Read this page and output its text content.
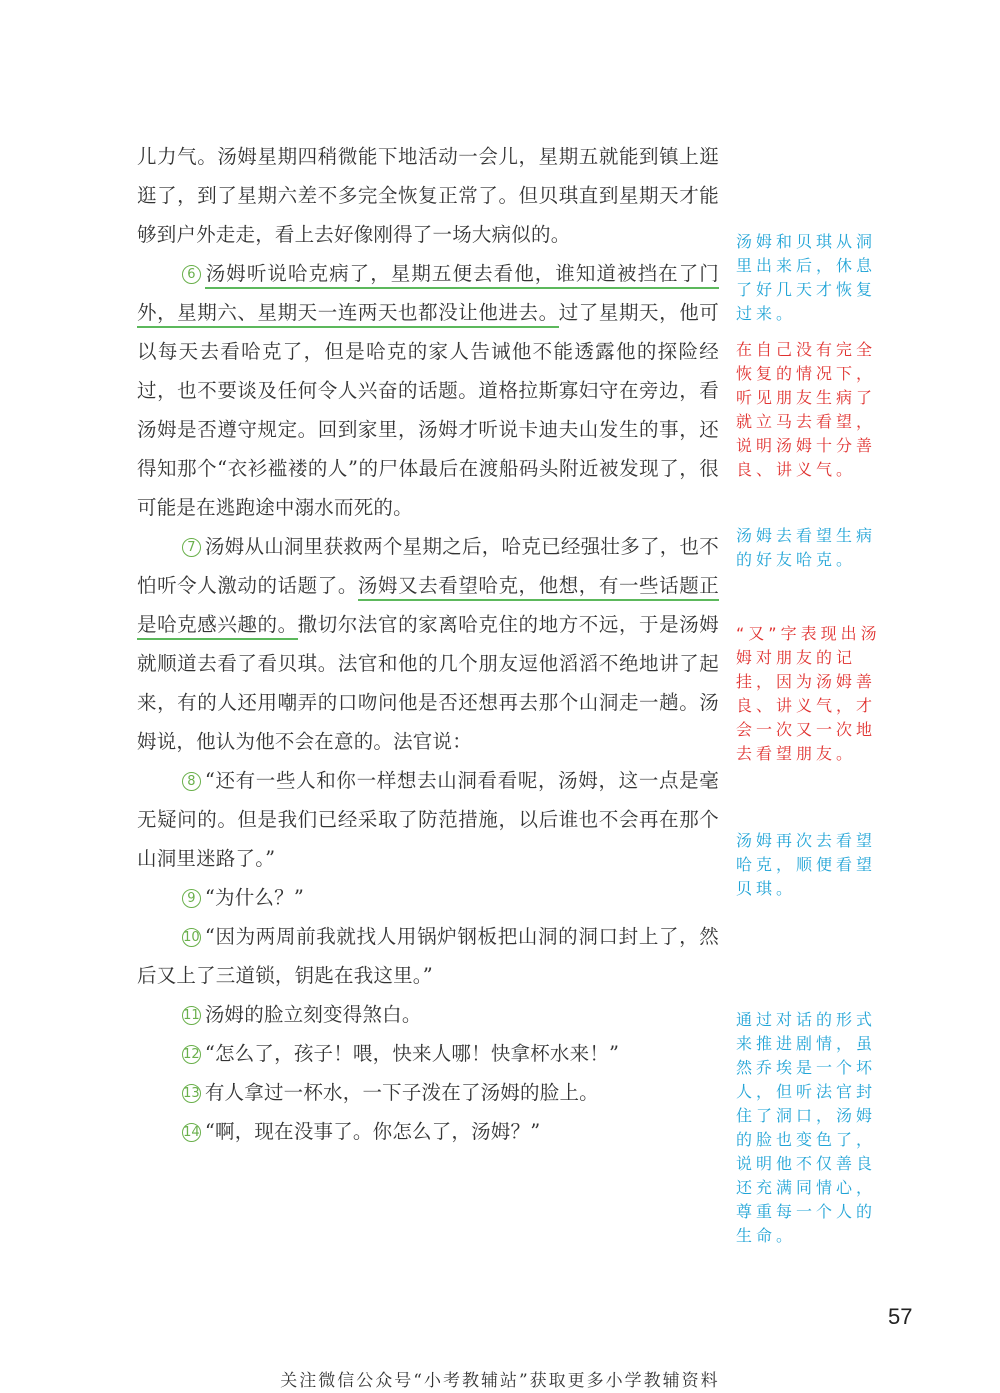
儿力气。汤姆星期四稍微能下地活动一会儿，星期五就能到镇上逛逛了，到了星期六差不多完全恢复正常了。但贝琪直到星期天才能够到户外走走，看上去好像刚得了一场大病似的。

6 汤姆听说哈克病了，星期五便去看他，谁知道被挡在了门外，星期六、星期天一连两天也都没让他进去。过了星期天，他可以每天去看哈克了，但是哈克的家人告诫他不能透露他的探险经过，也不要谈及任何令人兴奋的话题。道格拉斯寡妇守在旁边，看汤姆是否遵守规定。回到家里，汤姆才听说卡迪夫山发生的事，还得知那个“衣衫褴褛的人”的尸体最后在渡船码头附近被发现了，很可能是在逃跑途中溺水而死的。

7 汤姆从山洞里获救两个星期之后，哈克已经强壮多了，也不怕听令人激动的话题了。汤姆又去看望哈克，他想，有一些话题正是哈克感兴趣的。撒切尔法官的家离哈克住的地方不远，于是汤姆就顺道去看了看贝琪。法官和他的几个朋友逗他滔滔不绝地讲了起来，有的人还用嘲弄的口吻问他是否还想再去那个山洞走一趟。汤姆说，他认为他不会在意的。法官说：

8 “还有一些人和你一样想去山洞看看呢，汤姆，这一点是毫无疑问的。但是我们已经采取了防范措施，以后谁也不会再在那个山洞里迷路了。”

9 “为什么？”

10 “因为两周前我就找人用锅炉钢板把山洞的洞口封上了，然后又上了三道锁，钥匙在我这里。”

11 汤姆的脸立刻变得煞白。

12 “怎么了，孩子！喂，快来人哪！快拿杯水来！”

13 有人拿过一杯水，一下子泼在了汤姆的脸上。

14 “啊，现在没事了。你怎么了，汤姆？”

汤姆和贝琪从洞里出来后，休息了好几天才恢复过来。
在自己没有完全恢复的情况下，听见朋友生病了就立马去看望，说明汤姆十分善良、讲义气。
汤姆去看望生病的好友哈克。
“又”字表现出汤姆对朋友的记挂，因为汤姆善良、讲义气，才会一次又一次地去看望朋友。
汤姆再次去看望哈克，顺便看望贝琪。
通过对话的形式来推进剧情，虽然乔埃是一个坏人，但听法官封住了洞口，汤姆的脸也变色了，说明他不仅善良还充满同情心，尊重每一个人的生命。
57
关注微信公众号“小考教辅站”获取更多小学教辅资料
